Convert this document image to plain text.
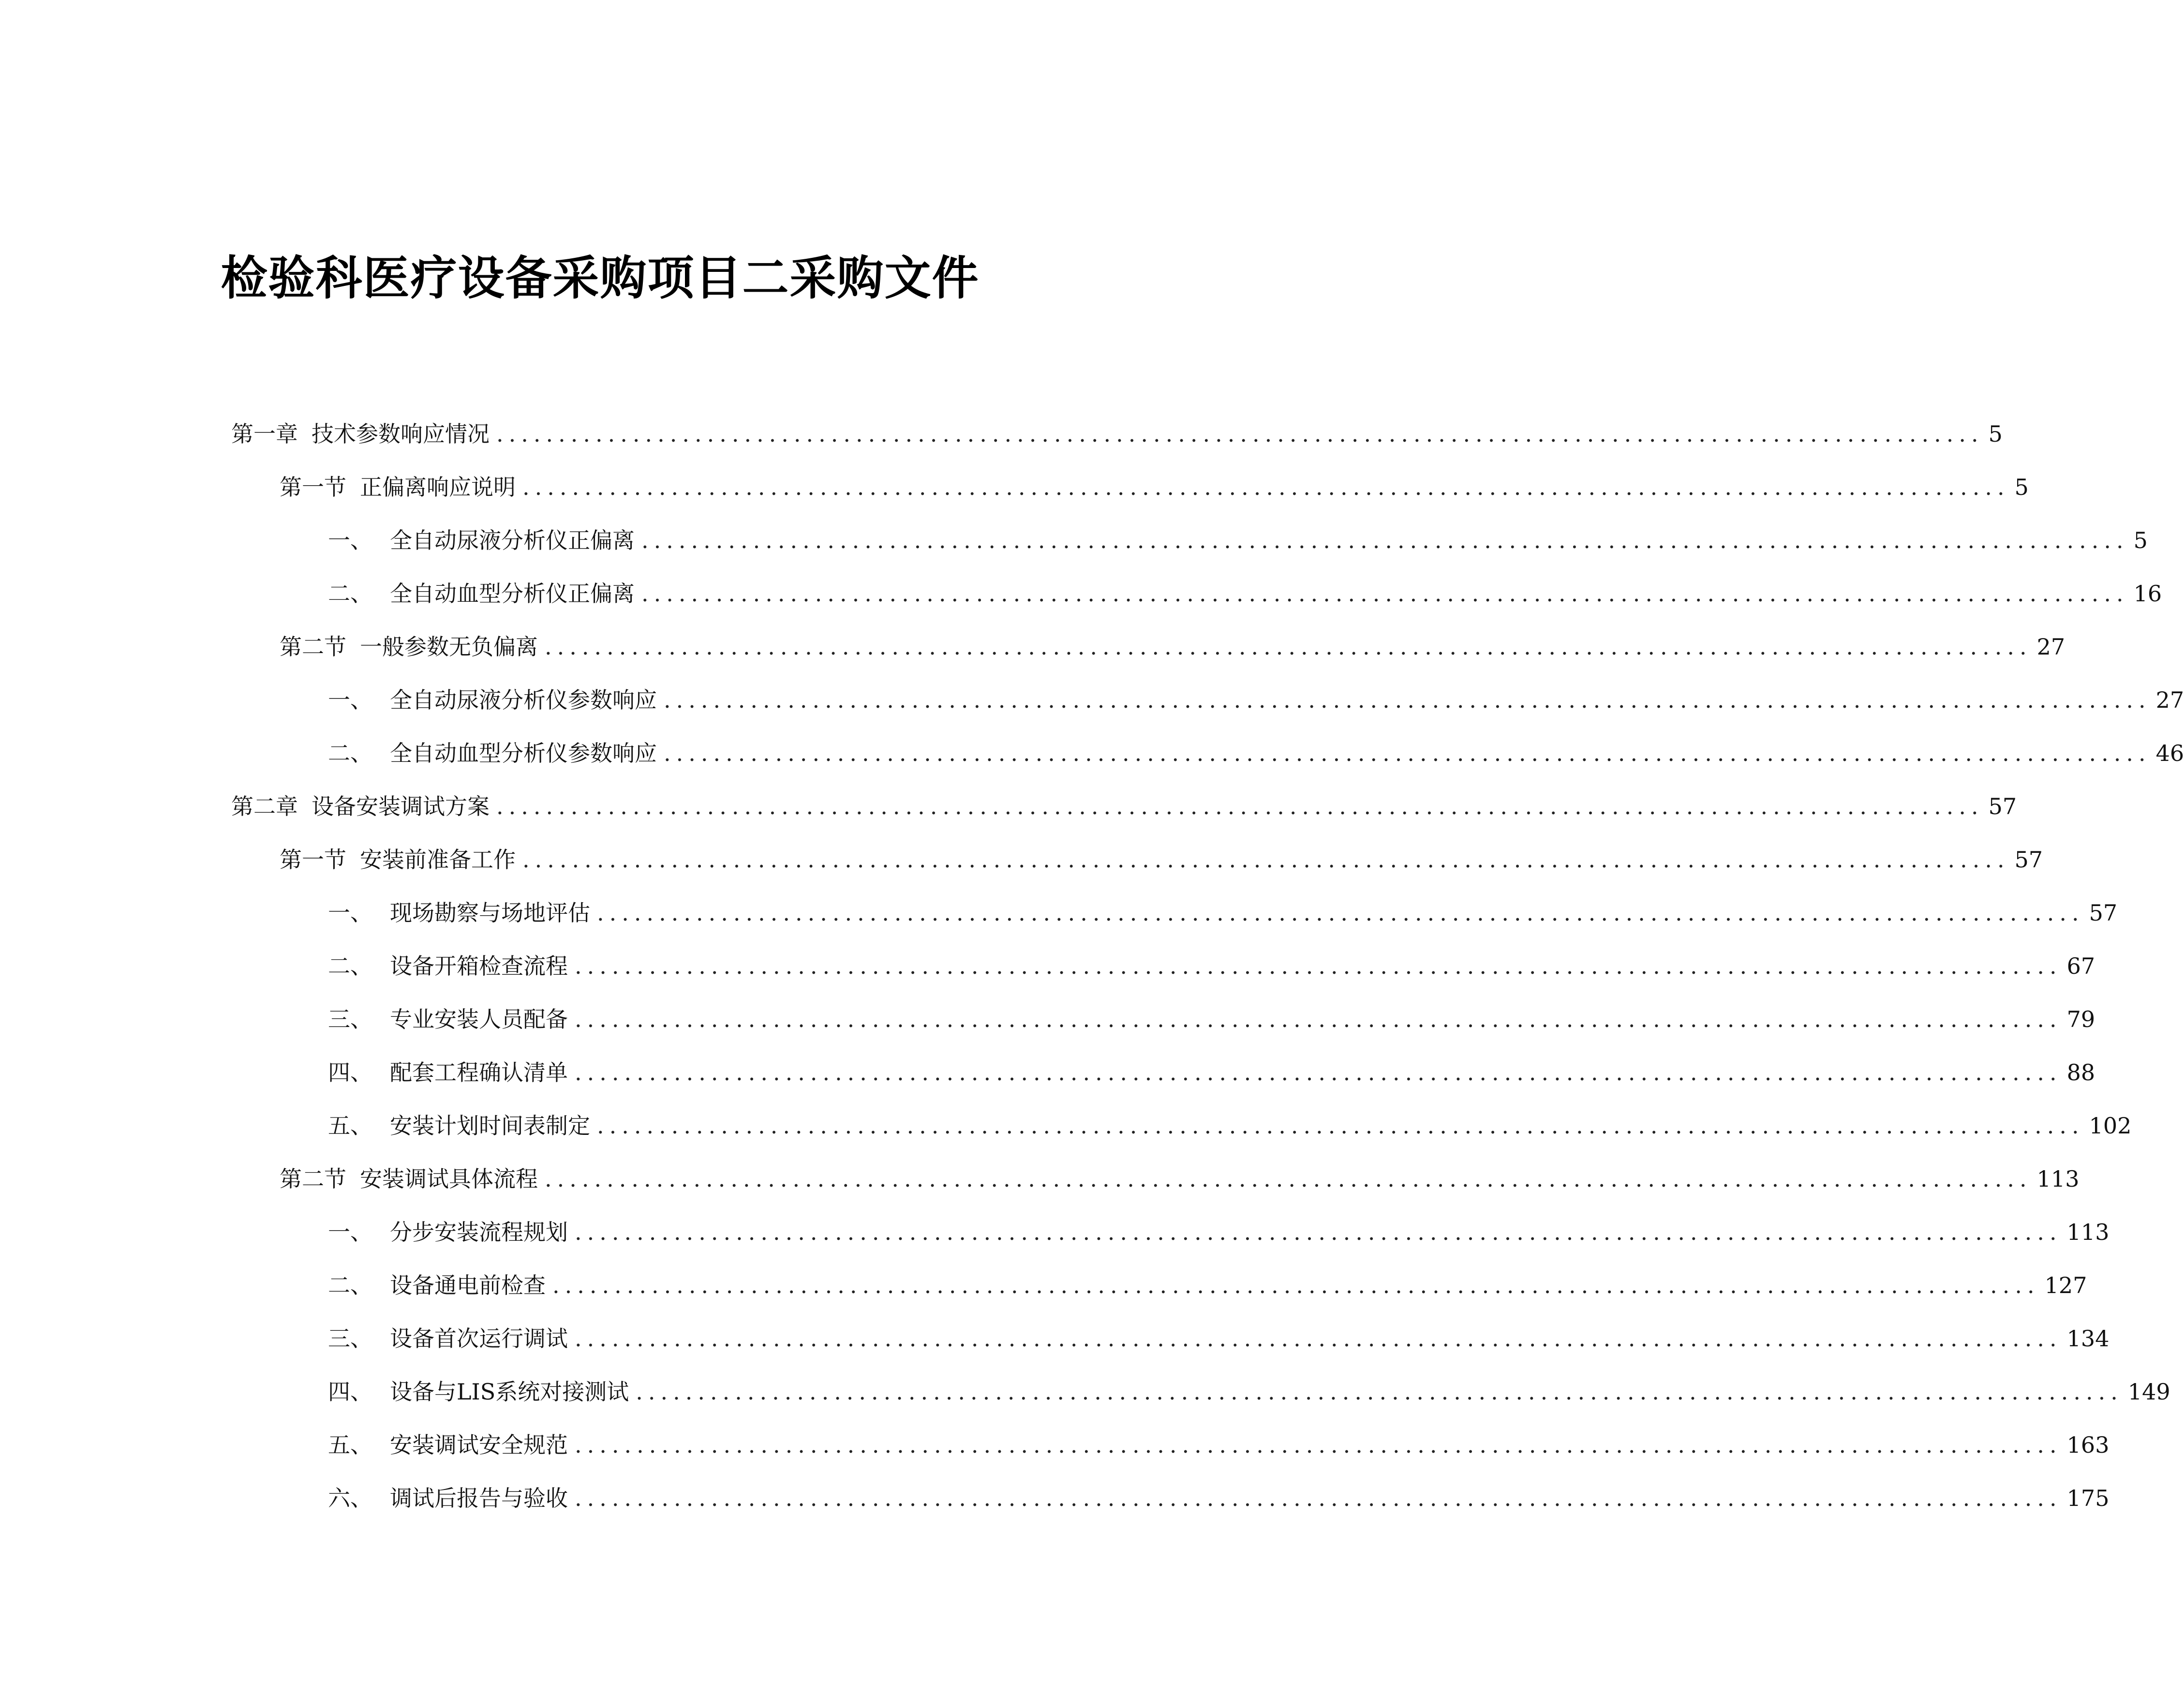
检验科医疗设备采购项目二采购文件
第一章 技术参数响应情况 ........................................................................................................................ 5
第一节 正偏离响应说明 ........................................................................................................................ 5
一、 全自动尿液分析仪正偏离 ........................................................................................................................ 5
二、 全自动血型分析仪正偏离 ........................................................................................................................ 16
第二节 一般参数无负偏离 ........................................................................................................................ 27
一、 全自动尿液分析仪参数响应 ........................................................................................................................ 27
二、 全自动血型分析仪参数响应 ........................................................................................................................ 46
第二章 设备安装调试方案 ........................................................................................................................ 57
第一节 安装前准备工作 ........................................................................................................................ 57
一、 现场勘察与场地评估 ........................................................................................................................ 57
二、 设备开箱检查流程 ........................................................................................................................ 67
三、 专业安装人员配备 ........................................................................................................................ 79
四、 配套工程确认清单 ........................................................................................................................ 88
五、 安装计划时间表制定 ........................................................................................................................ 102
第二节 安装调试具体流程 ........................................................................................................................ 113
一、 分步安装流程规划 ........................................................................................................................ 113
二、 设备通电前检查 ........................................................................................................................ 127
三、 设备首次运行调试 ........................................................................................................................ 134
四、 设备与LIS系统对接测试 ........................................................................................................................ 149
五、 安装调试安全规范 ........................................................................................................................ 163
六、 调试后报告与验收 ........................................................................................................................ 175
